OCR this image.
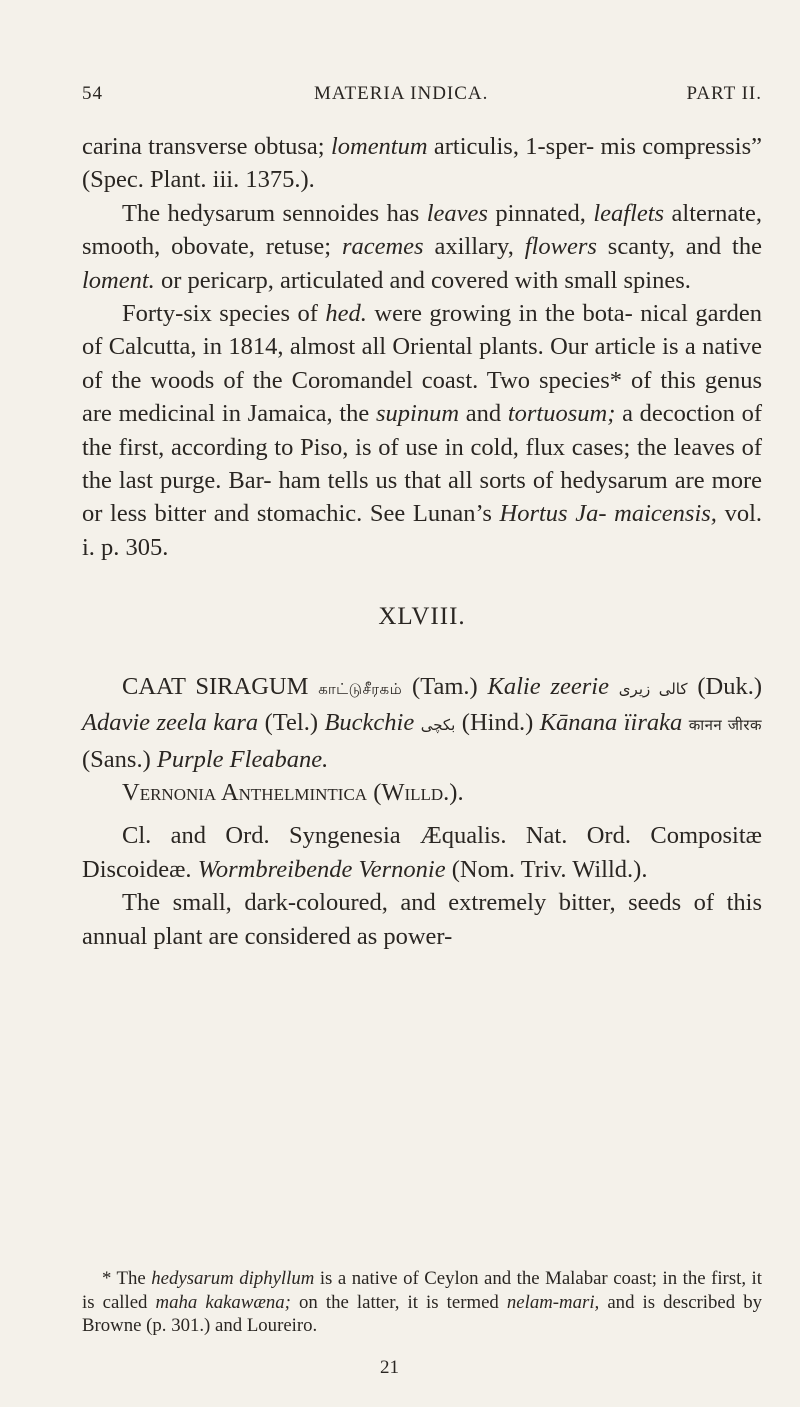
54	MATERIA INDICA.	PART II.

carina transverse obtusa; lomentum articulis, 1-sper- mis compressis” (Spec. Plant. iii. 1375.).

The hedysarum sennoides has leaves pinnated, leaflets alternate, smooth, obovate, retuse; racemes axillary, flowers scanty, and the loment. or pericarp, articulated and covered with small spines.

Forty-six species of hed. were growing in the bota- nical garden of Calcutta, in 1814, almost all Oriental plants. Our article is a native of the woods of the Coromandel coast. Two species* of this genus are medicinal in Jamaica, the supinum and tortuosum; a decoction of the first, according to Piso, is of use in cold, flux cases; the leaves of the last purge. Bar- ham tells us that all sorts of hedysarum are more or less bitter and stomachic. See Lunan’s Hortus Ja- maicensis, vol. i. p. 305.

XLVIII.

CAAT SIRAGUM காட்டுசீரகம் (Tam.) Kalie zeerie کالی زیری (Duk.) Adavie zeela kara (Tel.) Buckchie بکچی (Hind.) Kānana ïiraka कानन जीरक (Sans.) Purple Fleabane.

Vernonia Anthelmintica (Willd.).

Cl. and Ord. Syngenesia Æqualis. Nat. Ord. Compositæ Discoideæ. Wormbreibende Vernonie (Nom. Triv. Willd.).

The small, dark-coloured, and extremely bitter, seeds of this annual plant are considered as power-

* The hedysarum diphyllum is a native of Ceylon and the Malabar coast; in the first, it is called maha kakawæna; on the latter, it is termed nelam-mari, and is described by Browne (p. 301.) and Loureiro.

21
